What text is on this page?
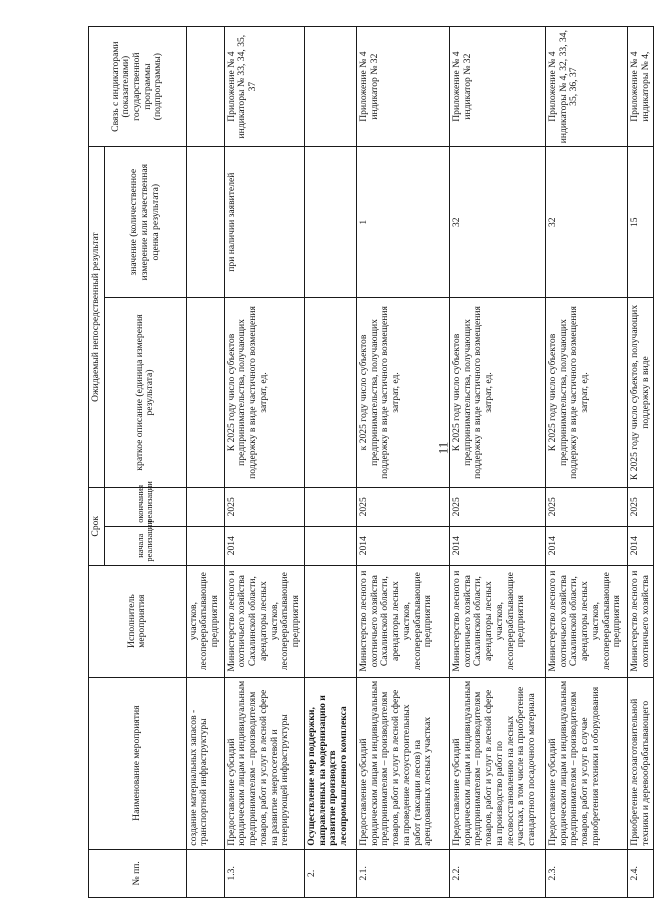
№ пп.	Наименование мероприятия	Исполнитель мероприятия	Срок		Ожидаемый непосредственный результат		Связь с индикаторами (показателями) государственной программы (подпрограммы)
			начала реализации	окончания реализации	краткое описание (единица измерения результата)	значение (количественное измерение или качественная оценка результата)	
	создание материальных запасов - транспортной инфраструктуры	участков, лесоперерабатывающие предприятия					
1.3.	Предоставление субсидий юридическим лицам и индивидуальным предпринимателям – производителям товаров, работ и услуг в лесной сфере на развитие энергосетевой и генерирующей инфраструктуры	Министерство лесного и охотничьего хозяйства Сахалинской области, арендаторы лесных участков, лесоперерабатывающие предприятия	2014	2025	К 2025 году число субъектов предпринимательства, получающих поддержку в виде частичного возмещения затрат, ед.	при наличии заявителей	Приложение № 4 индикаторы № 33, 34, 35, 37
2.	Осуществление мер поддержки, направленных на модернизацию и развитие производств лесопромышленного комплекса						
2.1.	Предоставление субсидий юридическим лицам и индивидуальным предпринимателям – производителям товаров, работ и услуг в лесной сфере на проведение лесоустроительных работ (таксации лесов) на арендованных лесных участках	Министерство лесного и охотничьего хозяйства Сахалинской области, арендаторы лесных участков, лесоперерабатывающие предприятия	2014	2025	к 2025 году число субъектов предпринимательства, получающих поддержку в виде частичного возмещения затрат, ед.	1	Приложение № 4 индикатор № 32
2.2.	Предоставление субсидий юридическим лицам и индивидуальным предпринимателям – производителям товаров, работ и услуг в лесной сфере на производство работ по лесовосстановлению на лесных участках, в том числе на приобретение стандартного посадочного материала	Министерство лесного и охотничьего хозяйства Сахалинской области, арендаторы лесных участков, лесоперерабатывающие предприятия	2014	2025	К 2025 году число субъектов предпринимательства, получающих поддержку в виде частичного возмещения затрат, ед.	32	Приложение № 4 индикатор № 32
2.3.	Предоставление субсидий юридическим лицам и индивидуальным предпринимателям – производителям товаров, работ и услуг в случае приобретения техники и оборудования	Министерство лесного и охотничьего хозяйства Сахалинской области, арендаторы лесных участков, лесоперерабатывающие предприятия	2014	2025	К 2025 году число субъектов предпринимательства, получающих поддержку в виде частичного возмещения затрат, ед.	32	Приложение № 4 индикаторы № 4, 32, 33, 34, 35, 36, 37
2.4.	Приобретение лесозаготовительной техники и деревообрабатывающего	Министерство лесного и охотничьего хозяйства	2014	2025	К 2025 году число субъектов, получающих поддержку в виде	15	Приложение № 4 индикаторы № 4,
11
